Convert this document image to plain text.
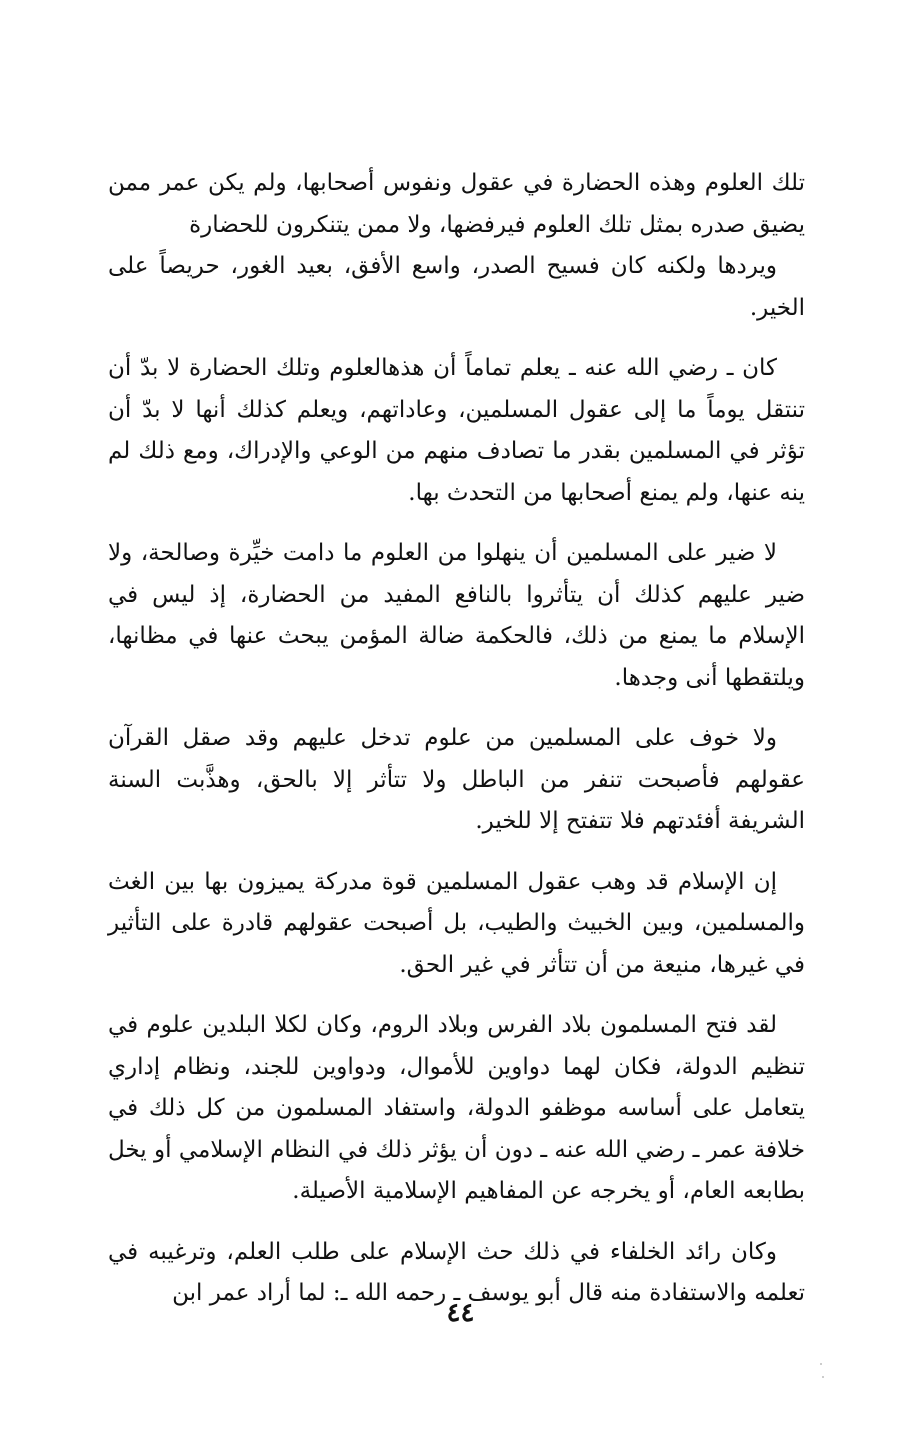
تلك العلوم وهذه الحضارة في عقول ونفوس أصحابها، ولم يكن عمر ممن يضيق صدره بمثل تلك العلوم فيرفضها، ولا ممن يتنكرون للحضارة

ويردها ولكنه كان فسيح الصدر، واسع الأفق، بعيد الغور، حريصاً على الخير.

كان ـ رضي الله عنه ـ يعلم تماماً أن هذهالعلوم وتلك الحضارة لا بدّ أن تنتقل يوماً ما إلى عقول المسلمين، وعاداتهم، ويعلم كذلك أنها لا بدّ أن تؤثر في المسلمين بقدر ما تصادف منهم من الوعي والإدراك، ومع ذلك لم ينه عنها، ولم يمنع أصحابها من التحدث بها.

لا ضير على المسلمين أن ينهلوا من العلوم ما دامت خيِّرة وصالحة، ولا ضير عليهم كذلك أن يتأثروا بالنافع المفيد من الحضارة، إذ ليس في الإسلام ما يمنع من ذلك، فالحكمة ضالة المؤمن يبحث عنها في مظانها، ويلتقطها أنى وجدها.

ولا خوف على المسلمين من علوم تدخل عليهم وقد صقل القرآن عقولهم فأصبحت تنفر من الباطل ولا تتأثر إلا بالحق، وهذَّبت السنة الشريفة أفئدتهم فلا تتفتح إلا للخير.

إن الإسلام قد وهب عقول المسلمين قوة مدركة يميزون بها بين الغث والمسلمين، وبين الخبيث والطيب، بل أصبحت عقولهم قادرة على التأثير في غيرها، منيعة من أن تتأثر في غير الحق.

لقد فتح المسلمون بلاد الفرس وبلاد الروم، وكان لكلا البلدين علوم في تنظيم الدولة، فكان لهما دواوين للأموال، ودواوين للجند، ونظام إداري يتعامل على أساسه موظفو الدولة، واستفاد المسلمون من كل ذلك في خلافة عمر ـ رضي الله عنه ـ دون أن يؤثر ذلك في النظام الإسلامي أو يخل بطابعه العام، أو يخرجه عن المفاهيم الإسلامية الأصيلة.

وكان رائد الخلفاء في ذلك حث الإسلام على طلب العلم، وترغيبه في تعلمه والاستفادة منه قال أبو يوسف ـ رحمه الله ـ: لما أراد عمر ابن

٤٤
